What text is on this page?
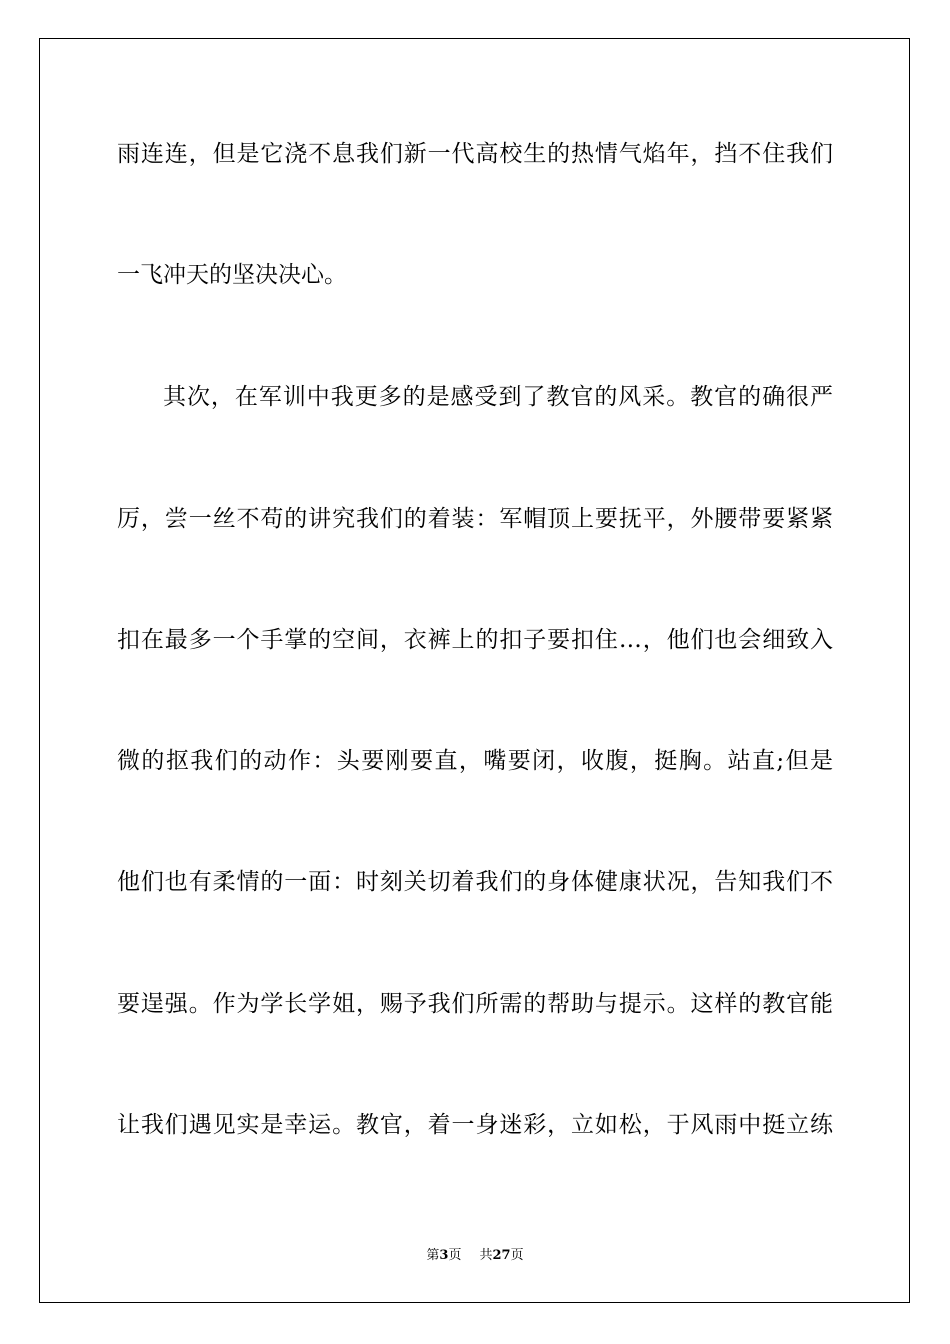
雨连连，但是它浇不息我们新一代高校生的热情气焰年，挡不住我们
一飞冲天的坚决决心。
其次，在军训中我更多的是感受到了教官的风采。教官的确很严
厉，尝一丝不苟的讲究我们的着装：军帽顶上要抚平，外腰带要紧紧
扣在最多一个手掌的空间，衣裤上的扣子要扣住…，他们也会细致入
微的抠我们的动作：头要刚要直，嘴要闭，收腹，挺胸。站直;但是
他们也有柔情的一面：时刻关切着我们的身体健康状况，告知我们不
要逞强。作为学长学姐，赐予我们所需的帮助与提示。这样的教官能
让我们遇见实是幸运。教官，着一身迷彩，立如松，于风雨中挺立练
第3页 共27页
